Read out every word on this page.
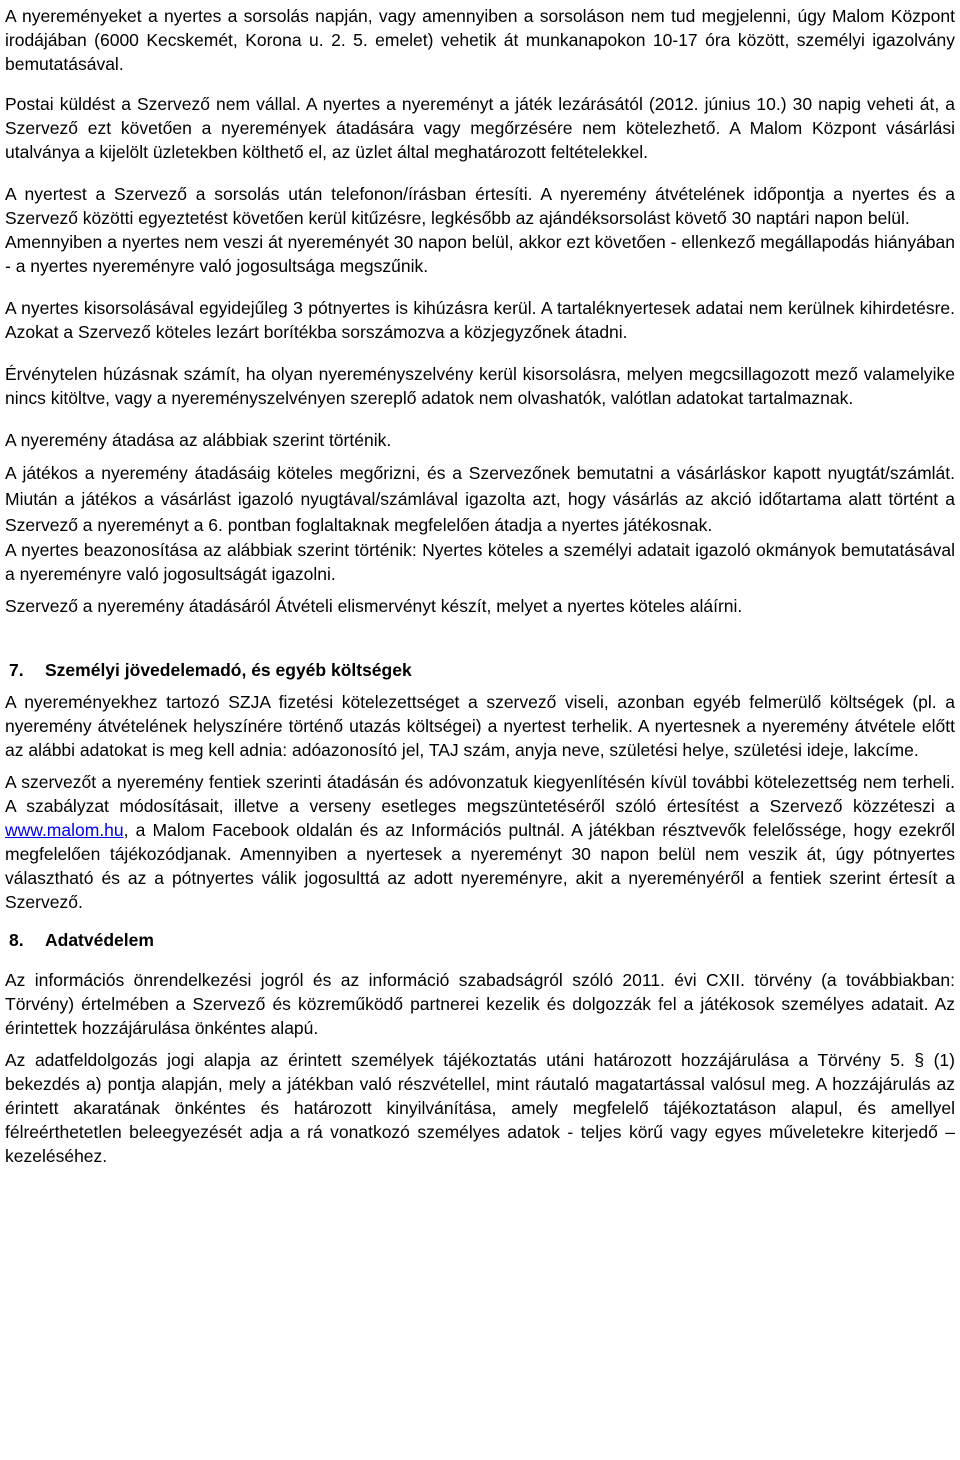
A nyereményeket a nyertes a sorsolás napján, vagy amennyiben a sorsoláson nem tud megjelenni, úgy Malom Központ irodájában (6000 Kecskemét, Korona u. 2. 5. emelet) vehetik át munkanapokon 10-17 óra között, személyi igazolvány bemutatásával.

Postai küldést a Szervező nem vállal. A nyertes a nyereményt a játék lezárásától (2012. június 10.) 30 napig veheti át, a Szervező ezt követően a nyeremények átadására vagy megőrzésére nem kötelezhető. A Malom Központ vásárlási utalványa a kijelölt üzletekben költhető el, az üzlet által meghatározott feltételekkel.

A nyertest a Szervező a sorsolás után telefonon/írásban értesíti. A nyeremény átvételének időpontja a nyertes és a Szervező közötti egyeztetést követően kerül kitűzésre, legkésőbb az ajándéksorsolást követő 30 naptári napon belül.

Amennyiben a nyertes nem veszi át nyereményét 30 napon belül, akkor ezt követően - ellenkező megállapodás hiányában - a nyertes nyereményre való jogosultsága megszűnik.

A nyertes kisorsolásával egyidejűleg 3 pótnyertes is kihúzásra kerül. A tartaléknyertesek adatai nem kerülnek kihirdetésre. Azokat a Szervező köteles lezárt borítékba sorszámozva a közjegyzőnek átadni.

Érvénytelen húzásnak számít, ha olyan nyereményszelvény kerül kisorsolásra, melyen megcsillagozott mező valamelyike nincs kitöltve, vagy a nyereményszelvényen szereplő adatok nem olvashatók, valótlan adatokat tartalmaznak.

A nyeremény átadása az alábbiak szerint történik.

A játékos a nyeremény átadásáig köteles megőrizni, és a Szervezőnek bemutatni a vásárláskor kapott nyugtát/számlát. Miután a játékos a vásárlást igazoló nyugtával/számlával igazolta azt, hogy vásárlás az akció időtartama alatt történt a Szervező a nyereményt a 6. pontban foglaltaknak megfelelően átadja a nyertes játékosnak.

A nyertes beazonosítása az alábbiak szerint történik: Nyertes köteles a személyi adatait igazoló okmányok bemutatásával a nyereményre való jogosultságát igazolni.

Szervező a nyeremény átadásáról Átvételi elismervényt készít, melyet a nyertes köteles aláírni.

7. Személyi jövedelemadó, és egyéb költségek

A nyereményekhez tartozó SZJA fizetési kötelezettséget a szervező viseli, azonban egyéb felmerülő költségek (pl. a nyeremény átvételének helyszínére történő utazás költségei) a nyertest terhelik. A nyertesnek a nyeremény átvétele előtt az alábbi adatokat is meg kell adnia: adóazonosító jel, TAJ szám, anyja neve, születési helye, születési ideje, lakcíme.

A szervezőt a nyeremény fentiek szerinti átadásán és adóvonzatuk kiegyenlítésén kívül további kötelezettség nem terheli. A szabályzat módosításait, illetve a verseny esetleges megszüntetéséről szóló értesítést a Szervező közzéteszi a www.malom.hu, a Malom Facebook oldalán és az Információs pultnál. A játékban résztvevők felelőssége, hogy ezekről megfelelően tájékozódjanak. Amennyiben a nyertesek a nyereményt 30 napon belül nem veszik át, úgy pótnyertes választható és az a pótnyertes válik jogosulttá az adott nyereményre, akit a nyereményéről a fentiek szerint értesít a Szervező.

8. Adatvédelem

Az információs önrendelkezési jogról és az információ szabadságról szóló 2011. évi CXII. törvény (a továbbiakban: Törvény) értelmében a Szervező és közreműködő partnerei kezelik és dolgozzák fel a játékosok személyes adatait. Az érintettek hozzájárulása önkéntes alapú.

Az adatfeldolgozás jogi alapja az érintett személyek tájékoztatás utáni határozott hozzájárulása a Törvény 5. § (1) bekezdés a) pontja alapján, mely a játékban való részvétellel, mint ráutaló magatartással valósul meg. A hozzájárulás az érintett akaratának önkéntes és határozott kinyilvánítása, amely megfelelő tájékoztatáson alapul, és amellyel félreérthetetlen beleegyezését adja a rá vonatkozó személyes adatok - teljes körű vagy egyes műveletekre kiterjedő – kezeléséhez.
